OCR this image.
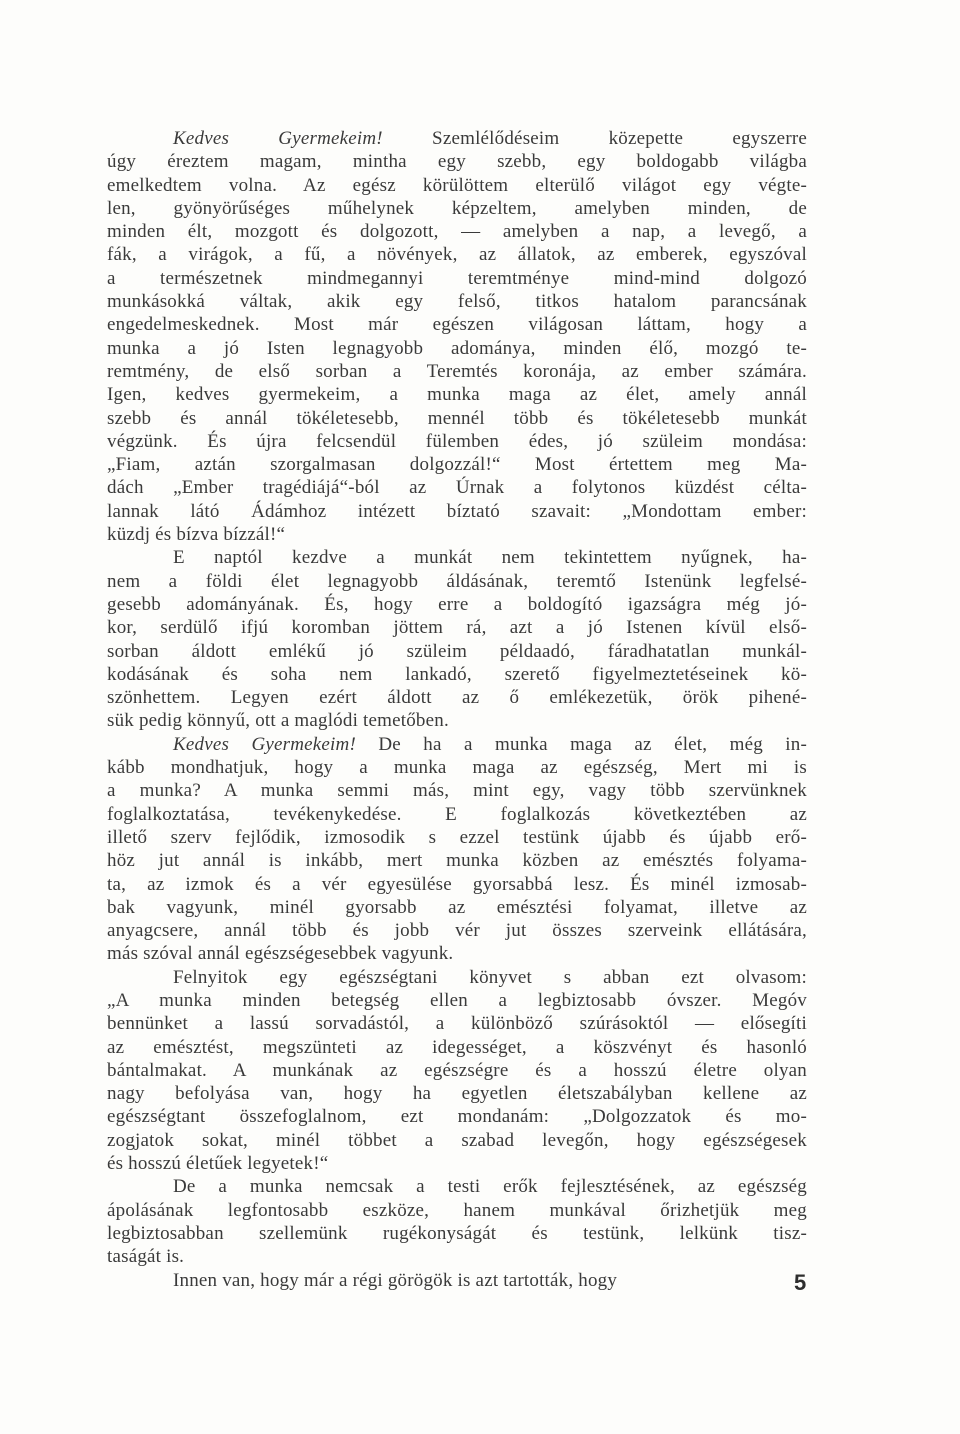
Kedves Gyermekeim! Szemlélődéseim közepette egyszerre
úgy éreztem magam, mintha egy szebb, egy boldogabb világba
emelkedtem volna. Az egész körülöttem elterülő világot egy végte-
len, gyönyörűséges műhelynek képzeltem, amelyben minden, de
minden élt, mozgott és dolgozott, — amelyben a nap, a levegő, a
fák, a virágok, a fű, a növények, az állatok, az emberek, egyszóval
a természetnek mindmegannyi teremtménye mind-mind dolgozó
munkásokká váltak, akik egy felső, titkos hatalom parancsának
engedelmeskednek. Most már egészen világosan láttam, hogy a
munka a jó Isten legnagyobb adománya, minden élő, mozgó te-
remtmény, de első sorban a Teremtés koronája, az ember számára.
Igen, kedves gyermekeim, a munka maga az élet, amely annál
szebb és annál tökéletesebb, mennél több és tökéletesebb munkát
végzünk. És újra felcsendül fülemben édes, jó szüleim mondása:
„Fiam, aztán szorgalmasan dolgozzál!“ Most értettem meg Ma-
dách „Ember tragédiájá“-ból az Úrnak a folytonos küzdést célta-
lannak látó Ádámhoz intézett bíztató szavait: „Mondottam ember:
küzdj és bízva bízzál!“
E naptól kezdve a munkát nem tekintettem nyűgnek, ha-
nem a földi élet legnagyobb áldásának, teremtő Istenünk legfelsé-
gesebb adományának. És, hogy erre a boldogító igazságra még jó-
kor, serdülő ifjú koromban jöttem rá, azt a jó Istenen kívül első-
sorban áldott emlékű jó szüleim példaadó, fáradhatatlan munkál-
kodásának és soha nem lankadó, szerető figyelmeztetéseinek kö-
szönhettem. Legyen ezért áldott az ő emlékezetük, örök pihené-
sük pedig könnyű, ott a maglódi temetőben.
Kedves Gyermekeim! De ha a munka maga az élet, még in-
kább mondhatjuk, hogy a munka maga az egészség, Mert mi is
a munka? A munka semmi más, mint egy, vagy több szervünknek
foglalkoztatása, tevékenykedése. E foglalkozás következtében az
illető szerv fejlődik, izmosodik s ezzel testünk újabb és újabb erő-
höz jut annál is inkább, mert munka közben az emésztés folyama-
ta, az izmok és a vér egyesülése gyorsabbá lesz. És minél izmosab-
bak vagyunk, minél gyorsabb az emésztési folyamat, illetve az
anyagcsere, annál több és jobb vér jut összes szerveink ellátására,
más szóval annál egészségesebbek vagyunk.
Felnyitok egy egészségtani könyvet s abban ezt olvasom:
„A munka minden betegség ellen a legbiztosabb óvszer. Megóv
bennünket a lassú sorvadástól, a különböző szúrásoktól — elősegíti
az emésztést, megszünteti az idegességet, a köszvényt és hasonló
bántalmakat. A munkának az egészségre és a hosszú életre olyan
nagy befolyása van, hogy ha egyetlen életszabályban kellene az
egészségtant összefoglalnom, ezt mondanám: „Dolgozzatok és mo-
zogjatok sokat, minél többet a szabad levegőn, hogy egészségesek
és hosszú életűek legyetek!“
De a munka nemcsak a testi erők fejlesztésének, az egészség
ápolásának legfontosabb eszköze, hanem munkával őrizhetjük meg
legbiztosabban szellemünk rugékonyságát és testünk, lelkünk tisz-
taságát is.
Innen van, hogy már a régi görögök is azt tartották, hogy	5
